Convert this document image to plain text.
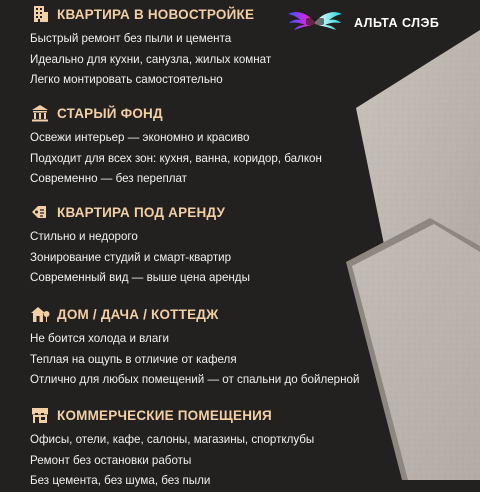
АЛЬТА СЛЭБ
КВАРТИРА В НОВОСТРОЙКЕ
Быстрый ремонт без пыли и цемента
Идеально для кухни, санузла, жилых комнат
Легко монтировать самостоятельно
СТАРЫЙ ФОНД
Освежи интерьер — экономно и красиво
Подходит для всех зон: кухня, ванна, коридор, балкон
Современно — без переплат
КВАРТИРА ПОД АРЕНДУ
Стильно и недорого
Зонирование студий и смарт-квартир
Современный вид — выше цена аренды
ДОМ / ДАЧА / КОТТЕДЖ
Не боится холода и влаги
Теплая на ощупь в отличие от кафеля
Отлично для любых помещений — от спальни до бойлерной
КОММЕРЧЕСКИЕ ПОМЕЩЕНИЯ
Офисы, отели, кафе, салоны, магазины, спортклубы
Ремонт без остановки работы
Без цемента, без шума, без пыли
